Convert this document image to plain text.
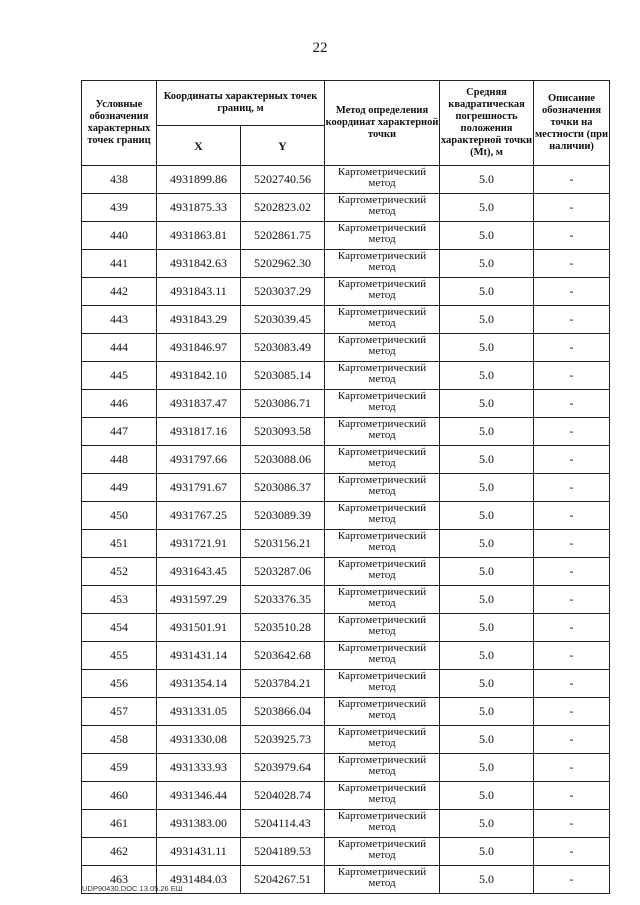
22
Условные обозначения характерных точек границ	Координаты характерных точек границ, м		Метод определения координат характерной точки	Средняя квадратическая погрешность положения характерной точки (Mt), м	Описание обозначения точки на местности (при наличии)
	X	Y			
438	4931899.86	5202740.56	Картометрический
метод	5.0	-
439	4931875.33	5202823.02	Картометрический
метод	5.0	-
440	4931863.81	5202861.75	Картометрический
метод	5.0	-
441	4931842.63	5202962.30	Картометрический
метод	5.0	-
442	4931843.11	5203037.29	Картометрический
метод	5.0	-
443	4931843.29	5203039.45	Картометрический
метод	5.0	-
444	4931846.97	5203083.49	Картометрический
метод	5.0	-
445	4931842.10	5203085.14	Картометрический
метод	5.0	-
446	4931837.47	5203086.71	Картометрический
метод	5.0	-
447	4931817.16	5203093.58	Картометрический
метод	5.0	-
448	4931797.66	5203088.06	Картометрический
метод	5.0	-
449	4931791.67	5203086.37	Картометрический
метод	5.0	-
450	4931767.25	5203089.39	Картометрический
метод	5.0	-
451	4931721.91	5203156.21	Картометрический
метод	5.0	-
452	4931643.45	5203287.06	Картометрический
метод	5.0	-
453	4931597.29	5203376.35	Картометрический
метод	5.0	-
454	4931501.91	5203510.28	Картометрический
метод	5.0	-
455	4931431.14	5203642.68	Картометрический
метод	5.0	-
456	4931354.14	5203784.21	Картометрический
метод	5.0	-
457	4931331.05	5203866.04	Картометрический
метод	5.0	-
458	4931330.08	5203925.73	Картометрический
метод	5.0	-
459	4931333.93	5203979.64	Картометрический
метод	5.0	-
460	4931346.44	5204028.74	Картометрический
метод	5.0	-
461	4931383.00	5204114.43	Картометрический
метод	5.0	-
462	4931431.11	5204189.53	Картометрический
метод	5.0	-
463	4931484.03	5204267.51	Картометрический
метод	5.0	-
UDP90430.DOC 13.05.26 ЕШ
